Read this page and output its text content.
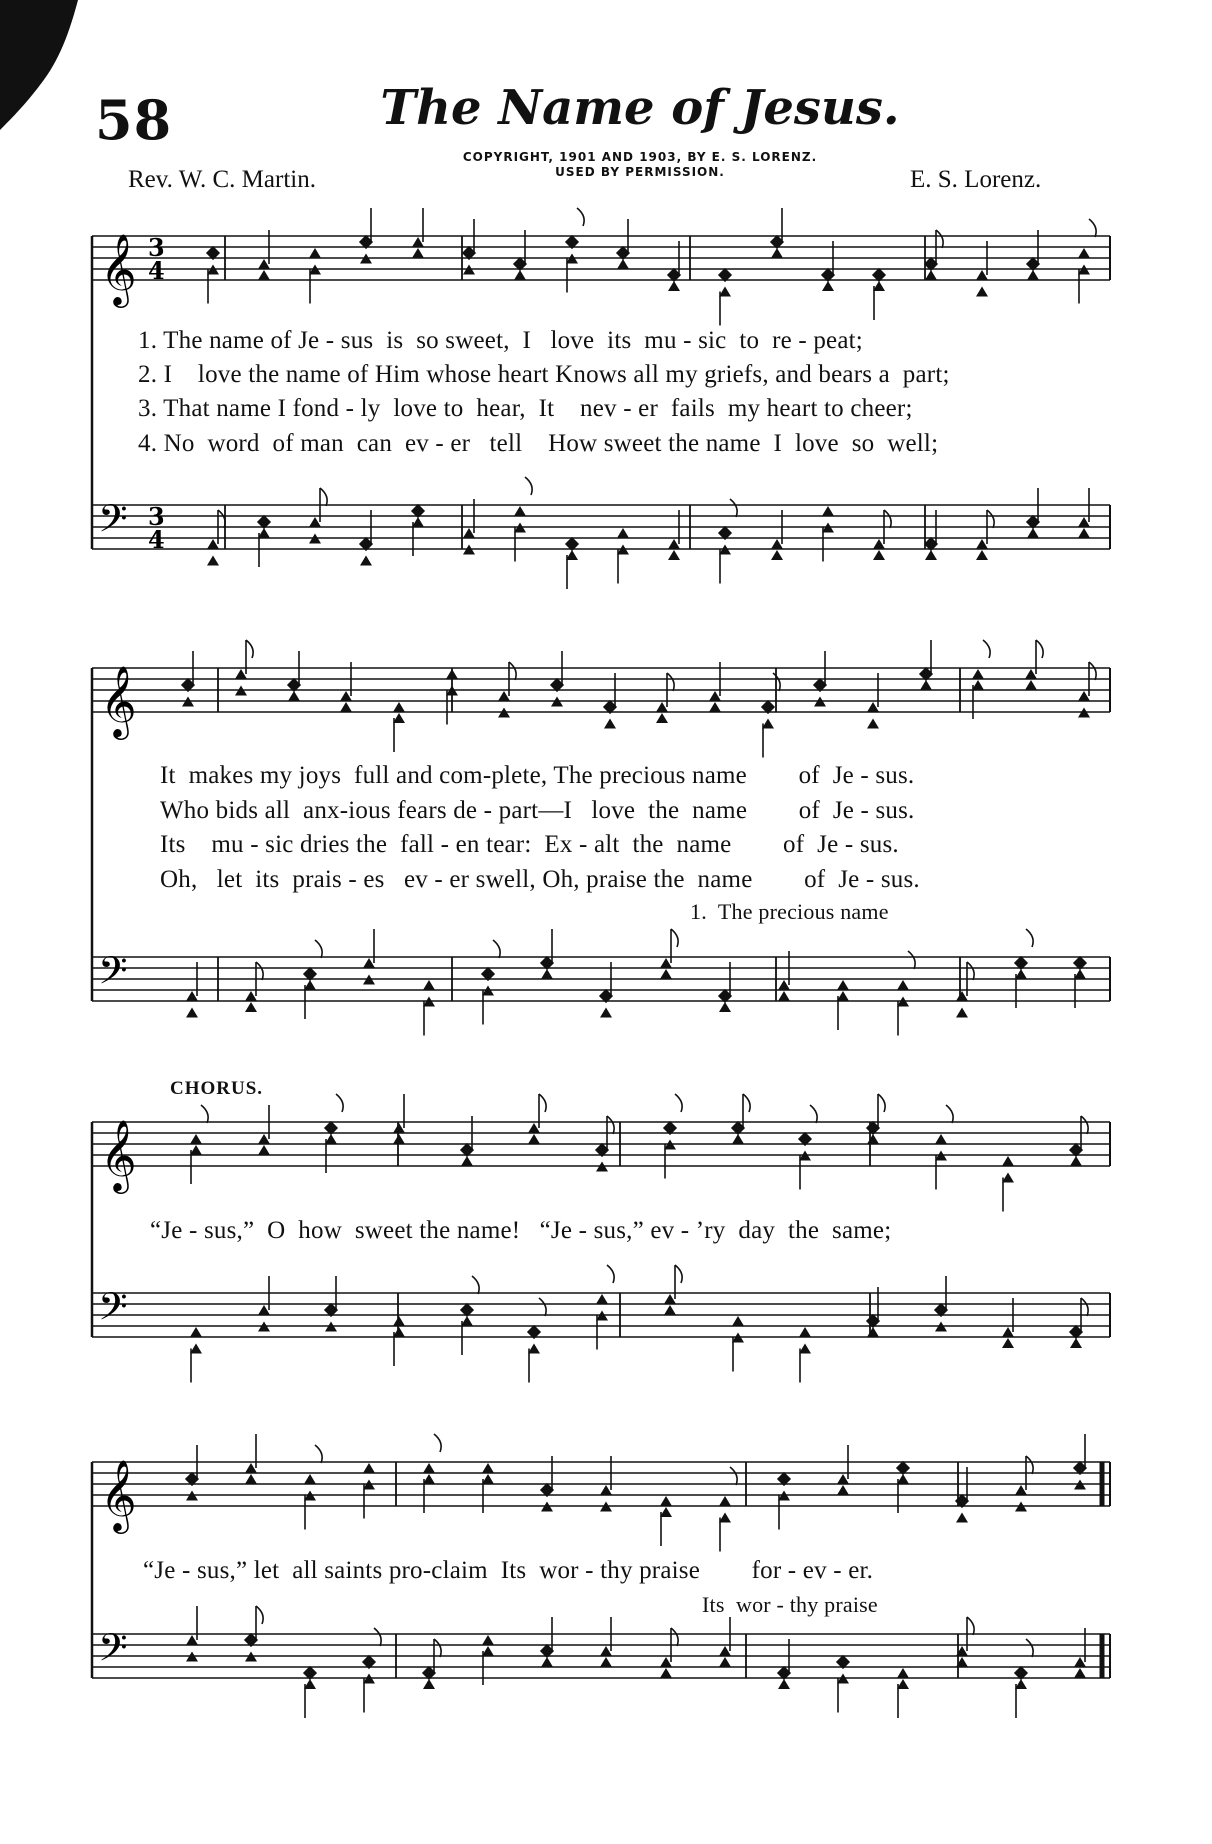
58	The Name of Jesus.
COPYRIGHT, 1901 AND 1903, BY E. S. LORENZ.
USED BY PERMISSION.
Rev. W. C. Martin.	E. S. Lorenz.
𝄞 3
4
𝄢 3
4
𝄞
𝄢
𝄞
𝄢
𝄞
𝄢
1. The name of Je - sus  is  so sweet,  I   love  its  mu - sic  to  re - peat;
2. I    love the name of Him whose heart Knows all my griefs, and bears a  part;
3. That name I fond - ly  love to  hear,  It    nev - er  fails  my heart to cheer;
4. No  word  of man  can  ev - er   tell    How sweet the name  I  love  so  well;
It  makes my joys  full and com-plete, The precious name        of  Je - sus.
Who bids all  anx-ious fears de - part—I   love  the  name        of  Je - sus.
Its    mu - sic dries the  fall - en tear:  Ex - alt  the  name        of  Je - sus.
Oh,   let  its  prais - es   ev - er swell, Oh, praise the  name        of  Je - sus.
1.  The precious name
CHORUS.
“Je - sus,”  O  how  sweet the name!   “Je - sus,” ev - ’ry  day  the  same;
“Je - sus,” let  all saints pro-claim  Its  wor - thy praise        for - ev - er.
Its  wor - thy praise
